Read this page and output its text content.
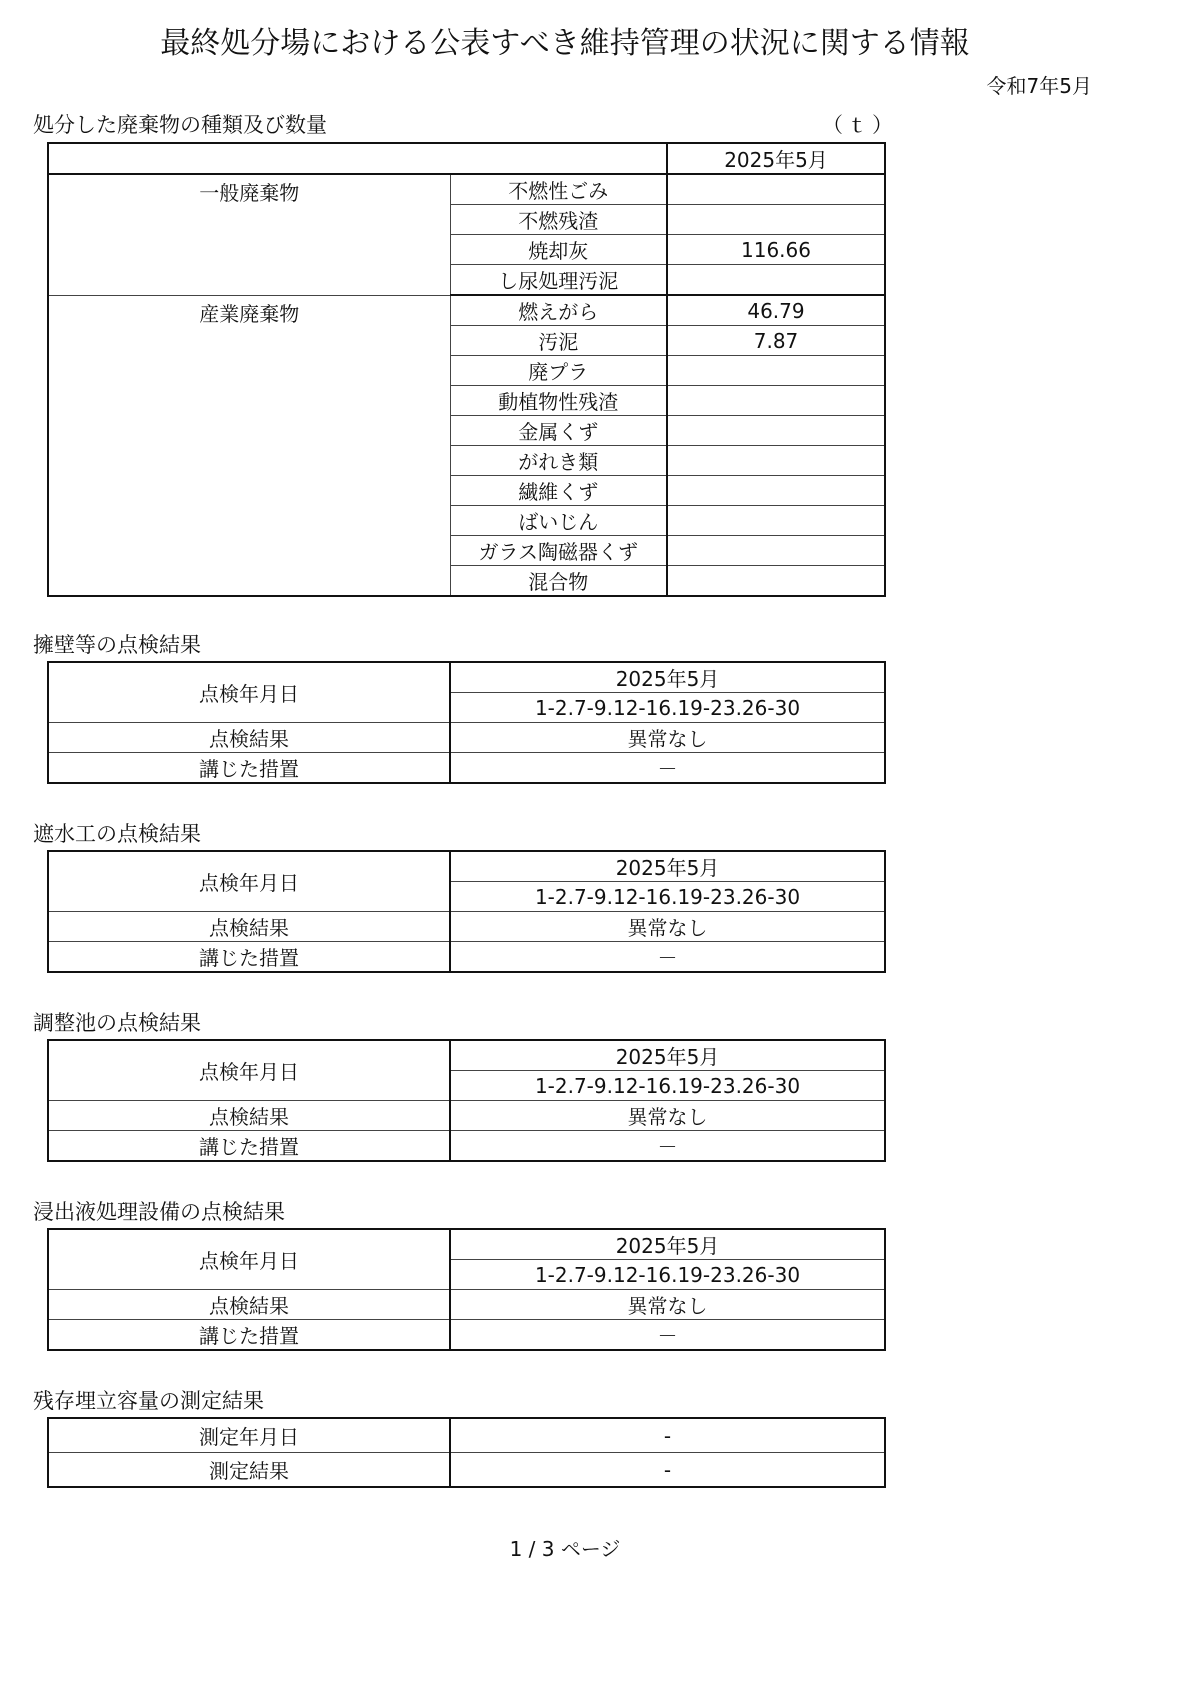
最終処分場における公表すべき維持管理の状況に関する情報
令和7年5月
処分した廃棄物の種類及び数量	（ｔ）
		2025年5月
一般廃棄物	不燃性ごみ	
	不燃残渣	
	焼却灰	116.66
	し尿処理汚泥	
産業廃棄物	燃えがら	46.79
	汚泥	7.87
	廃プラ	
	動植物性残渣	
	金属くず	
	がれき類	
	繊維くず	
	ばいじん	
	ガラス陶磁器くず	
	混合物	
擁壁等の点検結果
点検年月日	2025年5月
	1-2.7-9.12-16.19-23.26-30
点検結果	異常なし
講じた措置	－
遮水工の点検結果
点検年月日	2025年5月
	1-2.7-9.12-16.19-23.26-30
点検結果	異常なし
講じた措置	－
調整池の点検結果
点検年月日	2025年5月
	1-2.7-9.12-16.19-23.26-30
点検結果	異常なし
講じた措置	－
浸出液処理設備の点検結果
点検年月日	2025年5月
	1-2.7-9.12-16.19-23.26-30
点検結果	異常なし
講じた措置	－
残存埋立容量の測定結果
測定年月日	-
測定結果	-
1 / 3 ページ
